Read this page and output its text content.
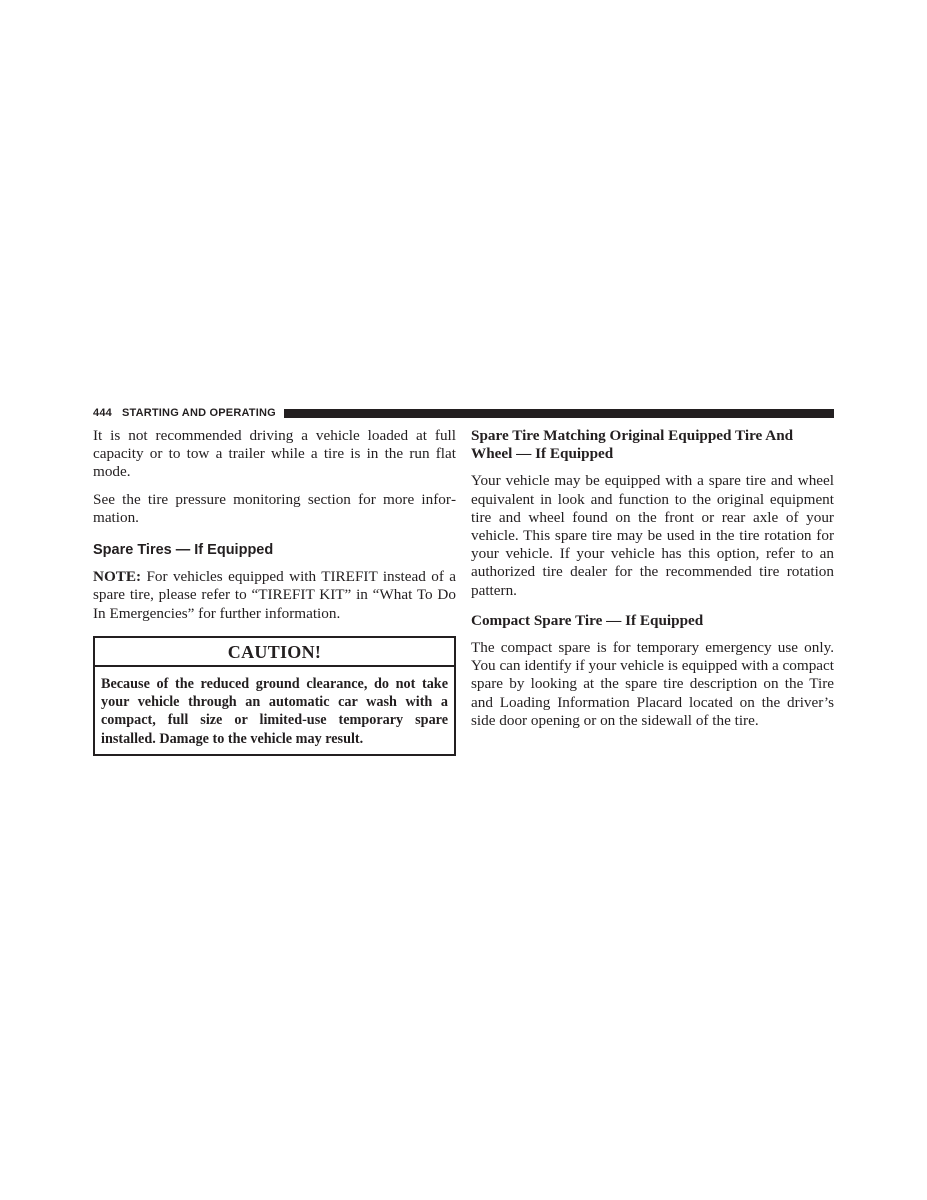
444 STARTING AND OPERATING

It is not recommended driving a vehicle loaded at full capacity or to tow a trailer while a tire is in the run flat mode.

See the tire pressure monitoring section for more information.

Spare Tires — If Equipped

NOTE: For vehicles equipped with TIREFIT instead of a spare tire, please refer to “TIREFIT KIT” in “What To Do In Emergencies” for further information.

CAUTION!
Because of the reduced ground clearance, do not take your vehicle through an automatic car wash with a compact, full size or limited-use temporary spare installed. Damage to the vehicle may result.
Spare Tire Matching Original Equipped Tire And Wheel — If Equipped

Your vehicle may be equipped with a spare tire and wheel equivalent in look and function to the original equipment tire and wheel found on the front or rear axle of your vehicle. This spare tire may be used in the tire rotation for your vehicle. If your vehicle has this option, refer to an authorized tire dealer for the recommended tire rotation pattern.

Compact Spare Tire — If Equipped

The compact spare is for temporary emergency use only. You can identify if your vehicle is equipped with a compact spare by looking at the spare tire description on the Tire and Loading Information Placard located on the driver’s side door opening or on the sidewall of the tire.
